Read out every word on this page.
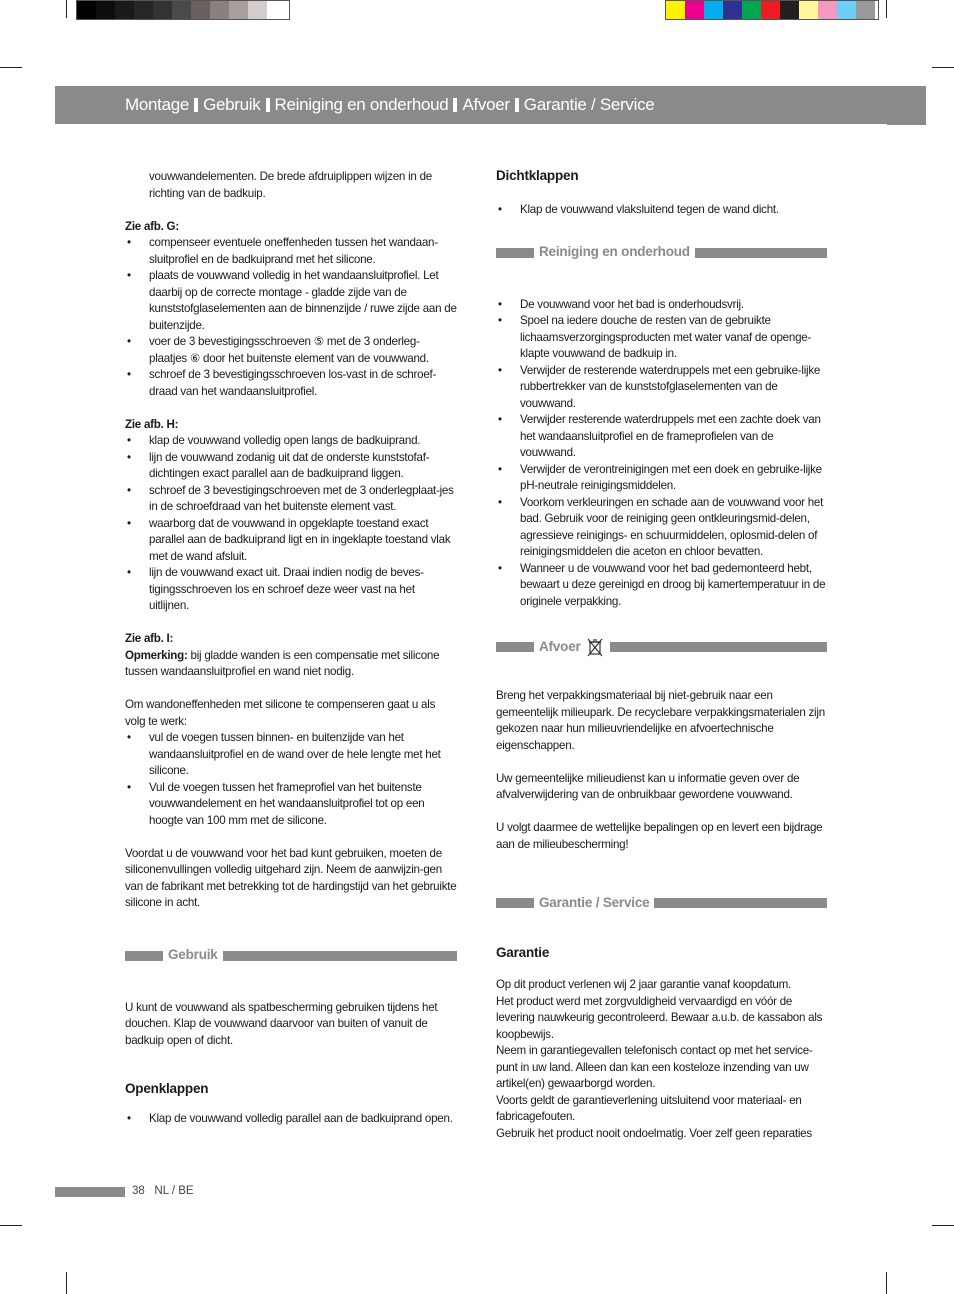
Montage Gebruik Reiniging en onderhoud Afvoer Garantie / Service

vouwwandelementen. De brede afdruiplippen wijzen in de richting van de badkuip.

Zie afb. G:

• compenseer eventuele oneffenheden tussen het wandaan-sluitprofiel en de badkuiprand met het silicone.
• plaats de vouwwand volledig in het wandaansluitprofiel. Let daarbij op de correcte montage - gladde zijde van de kunststofglaselementen aan de binnenzijde / ruwe zijde aan de buitenzijde.
• voer de 3 bevestigingsschroeven ⑤ met de 3 onderleg-plaatjes ⑥ door het buitenste element van de vouwwand.
• schroef de 3 bevestigingsschroeven los-vast in de schroef-draad van het wandaansluitprofiel.

Zie afb. H:

• klap de vouwwand volledig open langs de badkuiprand.
• lijn de vouwwand zodanig uit dat de onderste kunststofaf-dichtingen exact parallel aan de badkuiprand liggen.
• schroef de 3 bevestigingschroeven met de 3 onderlegplaat-jes in de schroefdraad van het buitenste element vast.
• waarborg dat de vouwwand in opgeklapte toestand exact parallel aan de badkuiprand ligt en in ingeklapte toestand vlak met de wand afsluit.
• lijn de vouwwand exact uit. Draai indien nodig de beves-tigingsschroeven los en schroef deze weer vast na het uitlijnen.

Zie afb. I:

Opmerking: bij gladde wanden is een compensatie met silicone tussen wandaansluitprofiel en wand niet nodig.

Om wandoneffenheden met silicone te compenseren gaat u als volg te werk:

• vul de voegen tussen binnen- en buitenzijde van het wandaansluitprofiel en de wand over de hele lengte met het silicone.
• Vul de voegen tussen het frameprofiel van het buitenste vouwwandelement en het wandaansluitprofiel tot op een hoogte van 100 mm met de silicone.

Voordat u de vouwwand voor het bad kunt gebruiken, moeten de siliconenvullingen volledig uitgehard zijn. Neem de aanwijzin-gen van de fabrikant met betrekking tot de hardingstijd van het gebruikte silicone in acht.

Gebruik

U kunt de vouwwand als spatbescherming gebruiken tijdens het douchen. Klap de vouwwand daarvoor van buiten of vanuit de badkuip open of dicht.

Openklappen
• Klap de vouwwand volledig parallel aan de badkuiprand open.
Dichtklappen
• Klap de vouwwand vlaksluitend tegen de wand dicht.
Reiniging en onderhoud
• De vouwwand voor het bad is onderhoudsvrij.
• Spoel na iedere douche de resten van de gebruikte lichaamsverzorgingsproducten met water vanaf de openge-klapte vouwwand de badkuip in.
• Verwijder de resterende waterdruppels met een gebruike-lijke rubbertrekker van de kunststofglaselementen van de vouwwand.
• Verwijder resterende waterdruppels met een zachte doek van het wandaansluitprofiel en de frameprofielen van de vouwwand.
• Verwijder de verontreinigingen met een doek en gebruike-lijke pH-neutrale reinigingsmiddelen.
• Voorkom verkleuringen en schade aan de vouwwand voor het bad. Gebruik voor de reiniging geen ontkleuringsmid-delen, agressieve reinigings- en schuurmiddelen, oplosmid-delen of reinigingsmiddelen die aceton en chloor bevatten.
• Wanneer u de vouwwand voor het bad gedemonteerd hebt, bewaart u deze gereinigd en droog bij kamertemperatuur in de originele verpakking.
Afvoer

Breng het verpakkingsmateriaal bij niet-gebruik naar een gemeentelijk milieupark. De recyclebare verpakkingsmaterialen zijn gekozen naar hun milieuvriendelijke en afvoertechnische eigenschappen.

Uw gemeentelijke milieudienst kan u informatie geven over de afvalverwijdering van de onbruikbaar gewordene vouwwand.

U volgt daarmee de wettelijke bepalingen op en levert een bijdrage aan de milieubescherming!

Garantie / Service
Garantie

Op dit product verlenen wij 2 jaar garantie vanaf koopdatum.

Het product werd met zorgvuldigheid vervaardigd en vóór de levering nauwkeurig gecontroleerd. Bewaar a.u.b. de kassabon als koopbewijs.

Neem in garantiegevallen telefonisch contact op met het service-punt in uw land. Alleen dan kan een kosteloze inzending van uw artikel(en) gewaarborgd worden.

Voorts geldt de garantieverlening uitsluitend voor materiaal- en fabricagefouten.

Gebruik het product nooit ondoelmatig. Voer zelf geen reparaties

38 NL / BE
